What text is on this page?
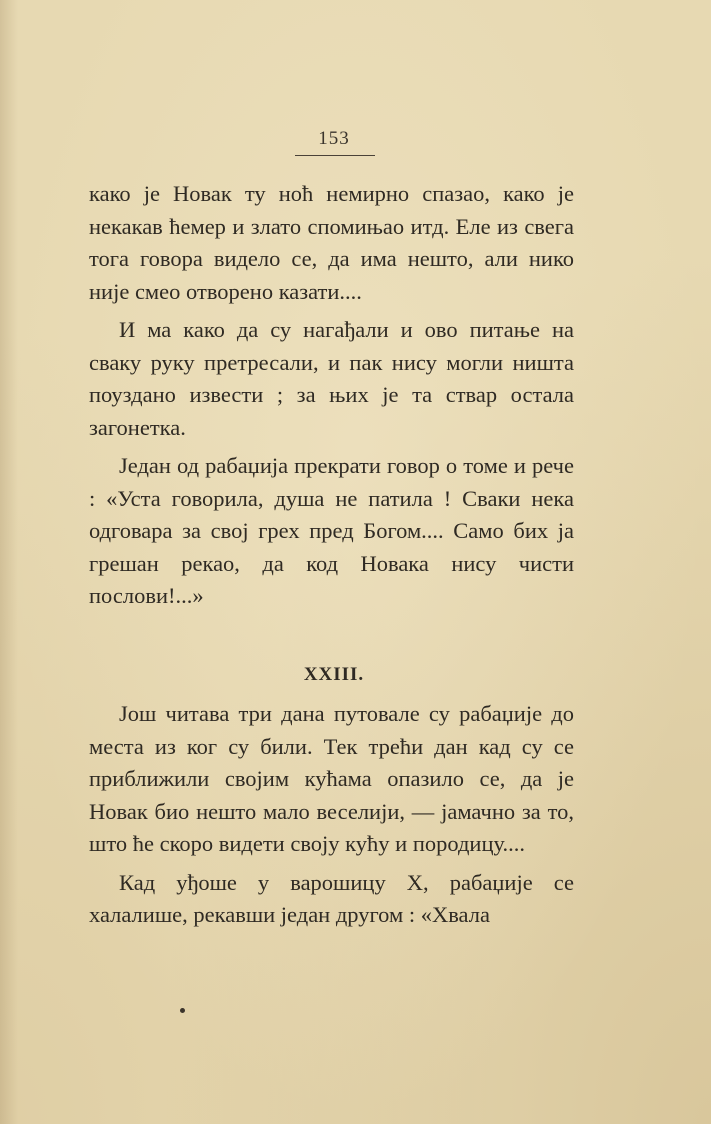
153

како је Новак ту ноћ немирно спазао, како је некакав ћемер и злато спомињао итд. Еле из свега тога говора видело се, да има нешто, али нико није смео отворено казати....

И ма како да су нагађали и ово питање на сваку руку претресали, и пак нису могли ништа поуздано извести ; за њих је та ствар остала загонетка.

Један од рабаџија прекрати говор о томе и рече : «Уста говорила, душа не патила ! Сваки нека одговара за свој грех пред Богом.... Само бих ја грешан рекао, да код Новака нису чисти послови!...»

XXIII.

Још читава три дана путовале су рабаџије до места из ког су били. Тек трећи дан кад су се приближили својим кућама опазило се, да је Новак био нешто мало веселији, — јамачно за то, што ће скоро видети своју кућу и породицу....

Кад уђоше у варошицу Х, рабаџије се халалише, рекавши један другом : «Хвала
